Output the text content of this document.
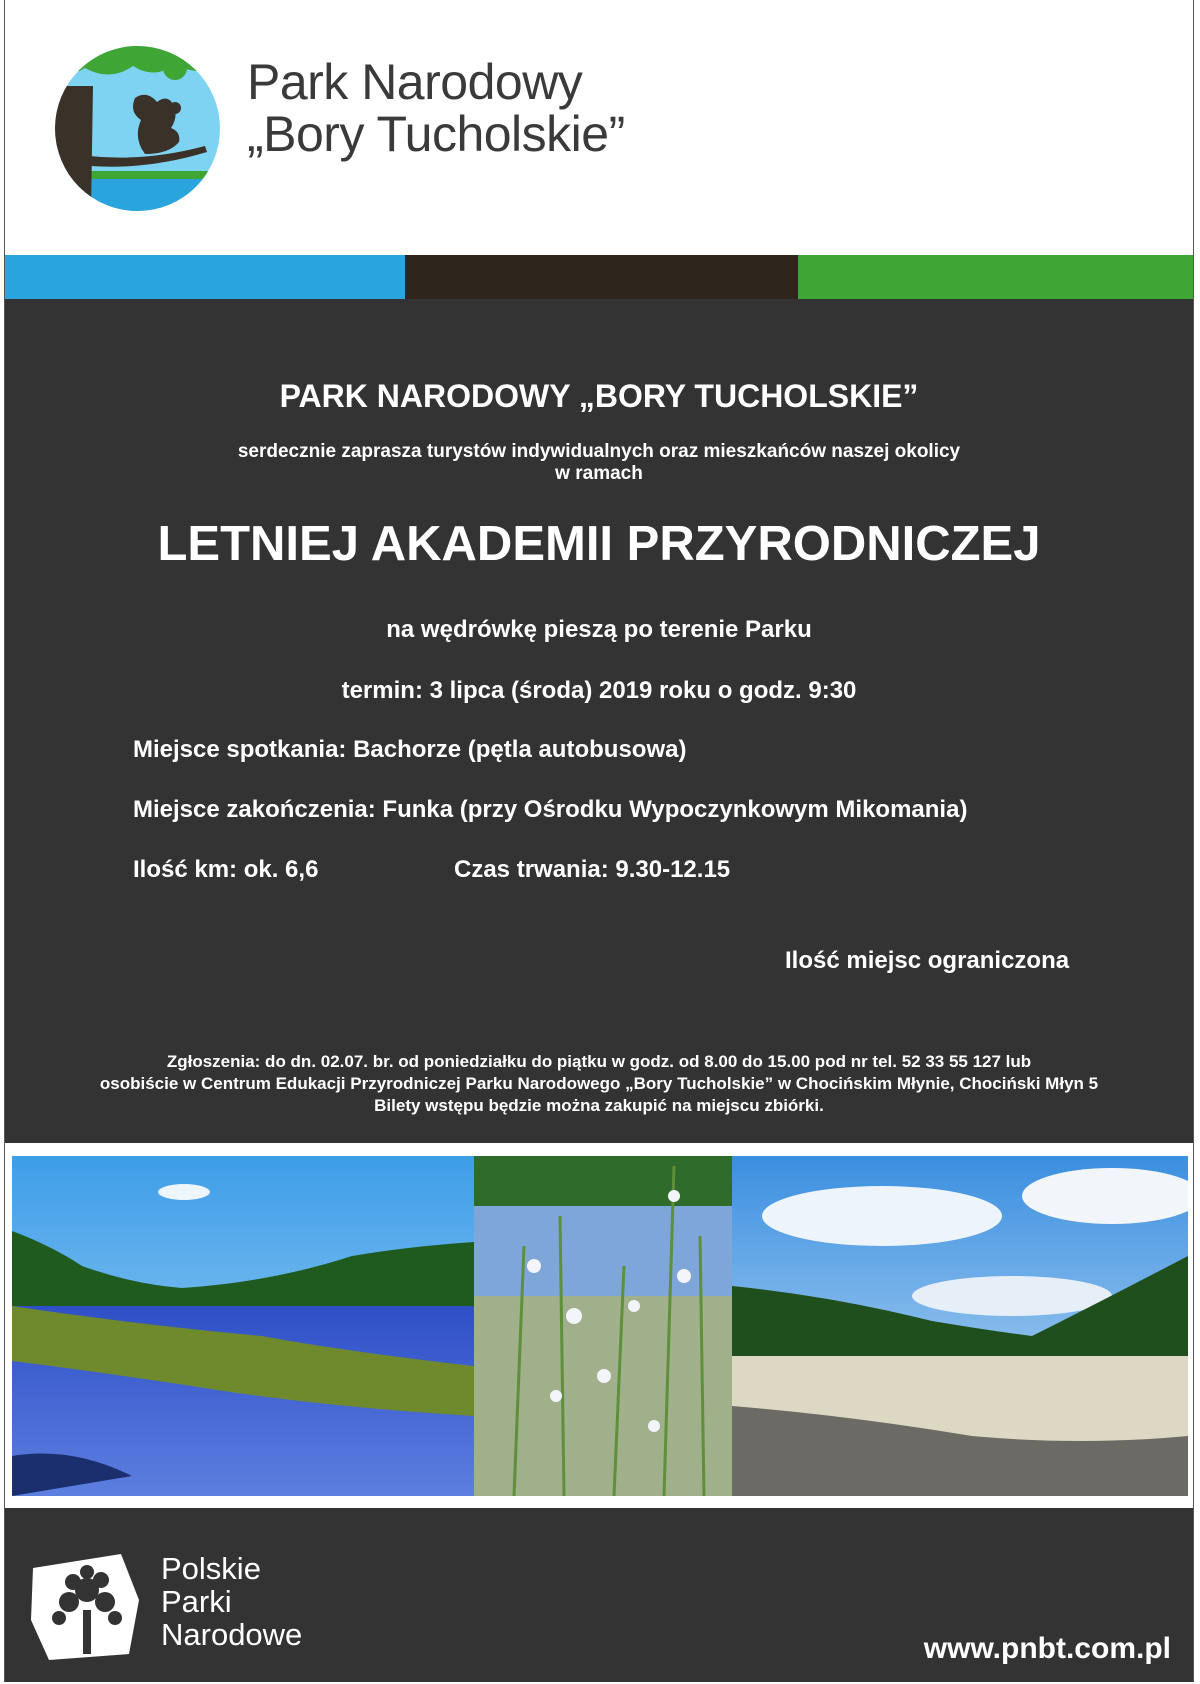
Park Narodowy
„Bory Tucholskie”
PARK NARODOWY „BORY TUCHOLSKIE”
serdecznie zaprasza turystów indywidualnych oraz mieszkańców naszej okolicy
w ramach
LETNIEJ AKADEMII PRZYRODNICZEJ
na wędrówkę pieszą po terenie Parku
termin: 3 lipca (środa) 2019 roku o godz. 9:30
Miejsce spotkania: Bachorze (pętla autobusowa)
Miejsce zakończenia: Funka (przy Ośrodku Wypoczynkowym Mikomania)
Ilość km: ok. 6,6	Czas trwania: 9.30-12.15
Ilość miejsc ograniczona
Zgłoszenia: do dn. 02.07. br. od poniedziałku do piątku w godz. od 8.00 do 15.00 pod nr tel. 52 33 55 127 lub
osobiście w Centrum Edukacji Przyrodniczej Parku Narodowego „Bory Tucholskie” w Chocińskim Młynie, Chociński Młyn 5
Bilety wstępu będzie można zakupić na miejscu zbiórki.
Polskie
Parki
Narodowe	www.pnbt.com.pl
